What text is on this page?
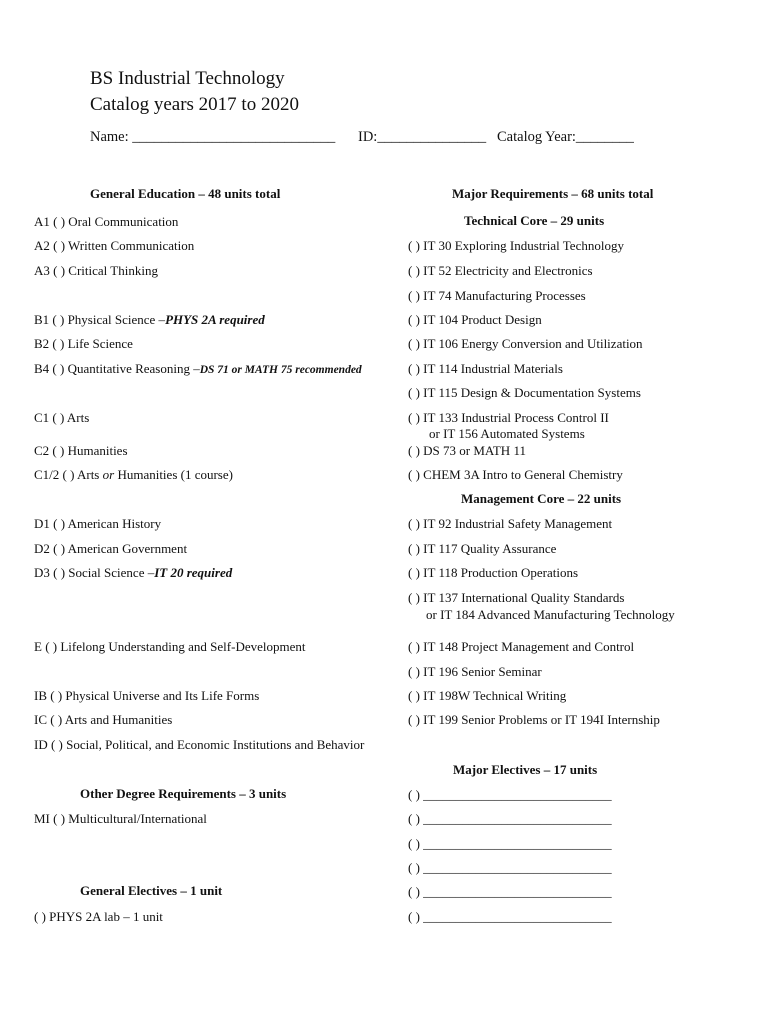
BS Industrial Technology
Catalog years 2017 to 2020
Name: ____________________________ ID:_______________ Catalog Year:________
General Education – 48 units total
A1 ( ) Oral Communication
A2 ( ) Written Communication
A3 ( ) Critical Thinking
B1 ( ) Physical Science –PHYS 2A required
B2 ( ) Life Science
B4 ( ) Quantitative Reasoning –DS 71 or MATH 75 recommended
C1 ( ) Arts
C2 ( ) Humanities
C1/2 ( ) Arts or Humanities (1 course)
D1 ( ) American History
D2 ( ) American Government
D3 ( ) Social Science –IT 20 required
E ( ) Lifelong Understanding and Self-Development
IB ( ) Physical Universe and Its Life Forms
IC ( ) Arts and Humanities
ID ( ) Social, Political, and Economic Institutions and Behavior
Other Degree Requirements – 3 units
MI ( ) Multicultural/International
General Electives – 1 unit
( ) PHYS 2A lab – 1 unit
Major Requirements – 68 units total
Technical Core – 29 units
( ) IT 30 Exploring Industrial Technology
( ) IT 52 Electricity and Electronics
( ) IT 74 Manufacturing Processes
( ) IT 104 Product Design
( ) IT 106 Energy Conversion and Utilization
( ) IT 114 Industrial Materials
( ) IT 115 Design & Documentation Systems
( ) IT 133 Industrial Process Control II
or IT 156 Automated Systems
( ) DS 73 or MATH 11
( ) CHEM 3A Intro to General Chemistry
Management Core – 22 units
( ) IT 92 Industrial Safety Management
( ) IT 117 Quality Assurance
( ) IT 118 Production Operations
( ) IT 137 International Quality Standards
or IT 184 Advanced Manufacturing Technology
( ) IT 148 Project Management and Control
( ) IT 196 Senior Seminar
( ) IT 198W Technical Writing
( ) IT 199 Senior Problems or IT 194I Internship
Major Electives – 17 units
( ) _____________________________
( ) _____________________________
( ) _____________________________
( ) _____________________________
( ) _____________________________
( ) _____________________________
